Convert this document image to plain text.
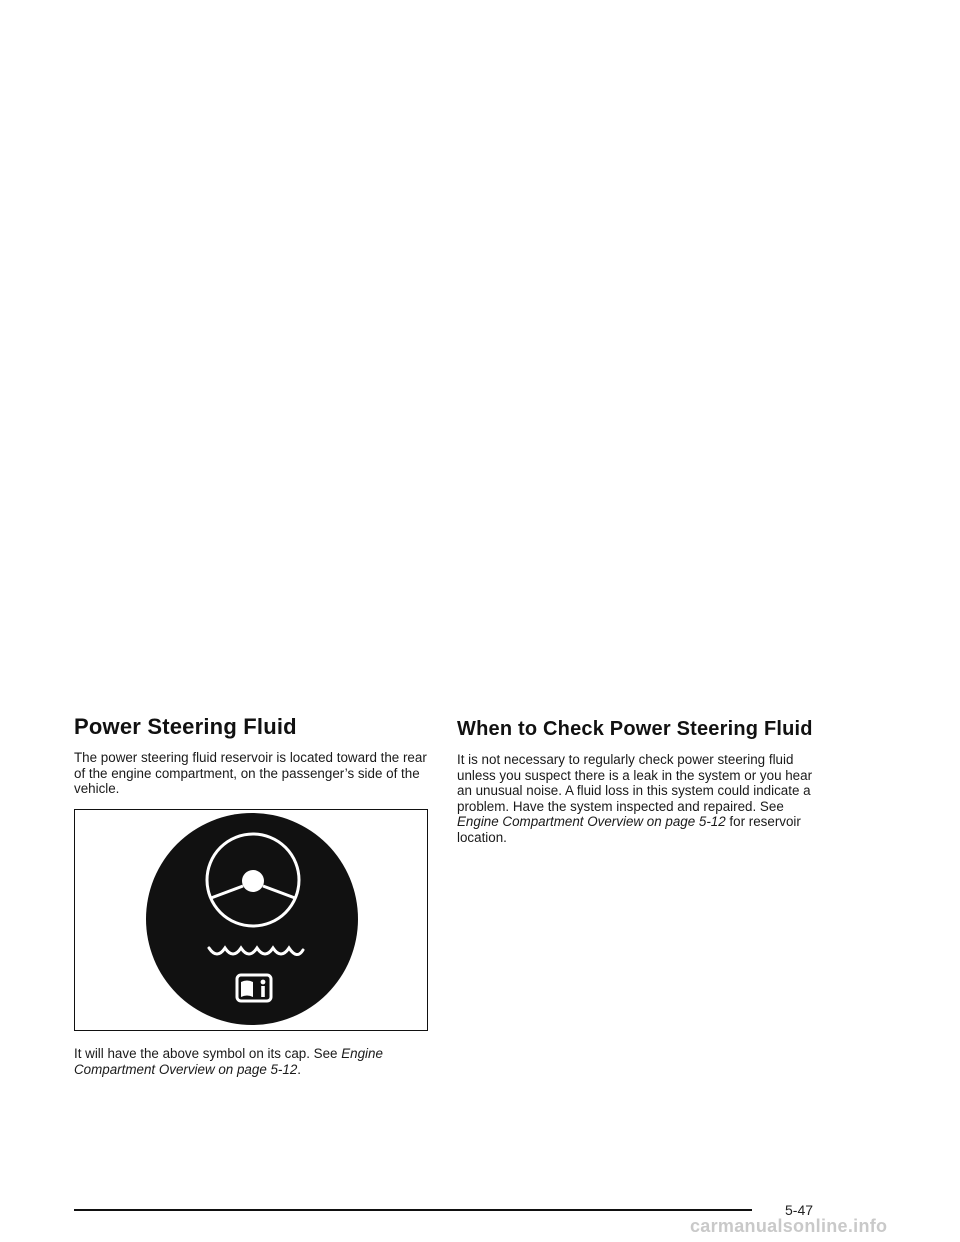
Power Steering Fluid

The power steering fluid reservoir is located toward the rear of the engine compartment, on the passenger’s side of the vehicle.

It will have the above symbol on its cap. See Engine Compartment Overview on page 5-12.

When to Check Power Steering Fluid

It is not necessary to regularly check power steering fluid unless you suspect there is a leak in the system or you hear an unusual noise. A fluid loss in this system could indicate a problem. Have the system inspected and repaired. See Engine Compartment Overview on page 5-12 for reservoir location.

5-47
carmanualsonline.info
